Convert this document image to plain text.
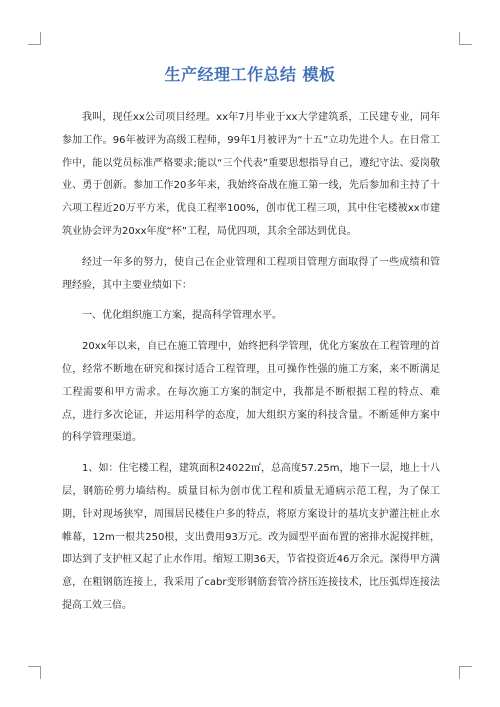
生产经理工作总结 模板

我叫，现任xx公司项目经理。xx年7月毕业于xx大学建筑系，工民建专业，同年参加工作。96年被评为高级工程师，99年1月被评为“十五”立功先进个人。在日常工作中，能以党员标准严格要求;能以“三个代表”重要思想指导自己，遵纪守法、爱岗敬业、勇于创新。参加工作20多年来，我始终奋战在施工第一线，先后参加和主持了十六项工程近20万平方米，优良工程率100%，创市优工程三项，其中住宅楼被xx市建筑业协会评为20xx年度“杯”工程，局优四项，其余全部达到优良。

经过一年多的努力，使自己在企业管理和工程项目管理方面取得了一些成绩和管理经验，其中主要业绩如下：

一、优化组织施工方案，提高科学管理水平。

20xx年以来，自已在施工管理中，始终把科学管理，优化方案放在工程管理的首位，经常不断地在研究和探讨适合工程管理，且可操作性强的施工方案，来不断满足工程需要和甲方需求。在每次施工方案的制定中，我都是不断根据工程的特点、难点，进行多次论证，并运用科学的态度，加大组织方案的科技含量。不断延伸方案中的科学管理渠道。

1、如：住宅楼工程，建筑面积24022㎡，总高度57.25m，地下一层，地上十八层，钢筋砼剪力墙结构。质量目标为创市优工程和质量无通病示范工程，为了保工期，针对现场狭窄，周围居民楼住户多的特点，将原方案设计的基坑支护灌注桩止水帷幕，12m一根共250根，支出费用93万元。改为圆型平面布置的密排水泥搅拌桩，即达到了支护桩又起了止水作用。缩短工期36天，节省投资近46万余元。深得甲方满意，在粗钢筋连接上，我采用了cabr变形钢筋套管冷挤压连接技术，比压弧焊连接法提高工效三倍。
